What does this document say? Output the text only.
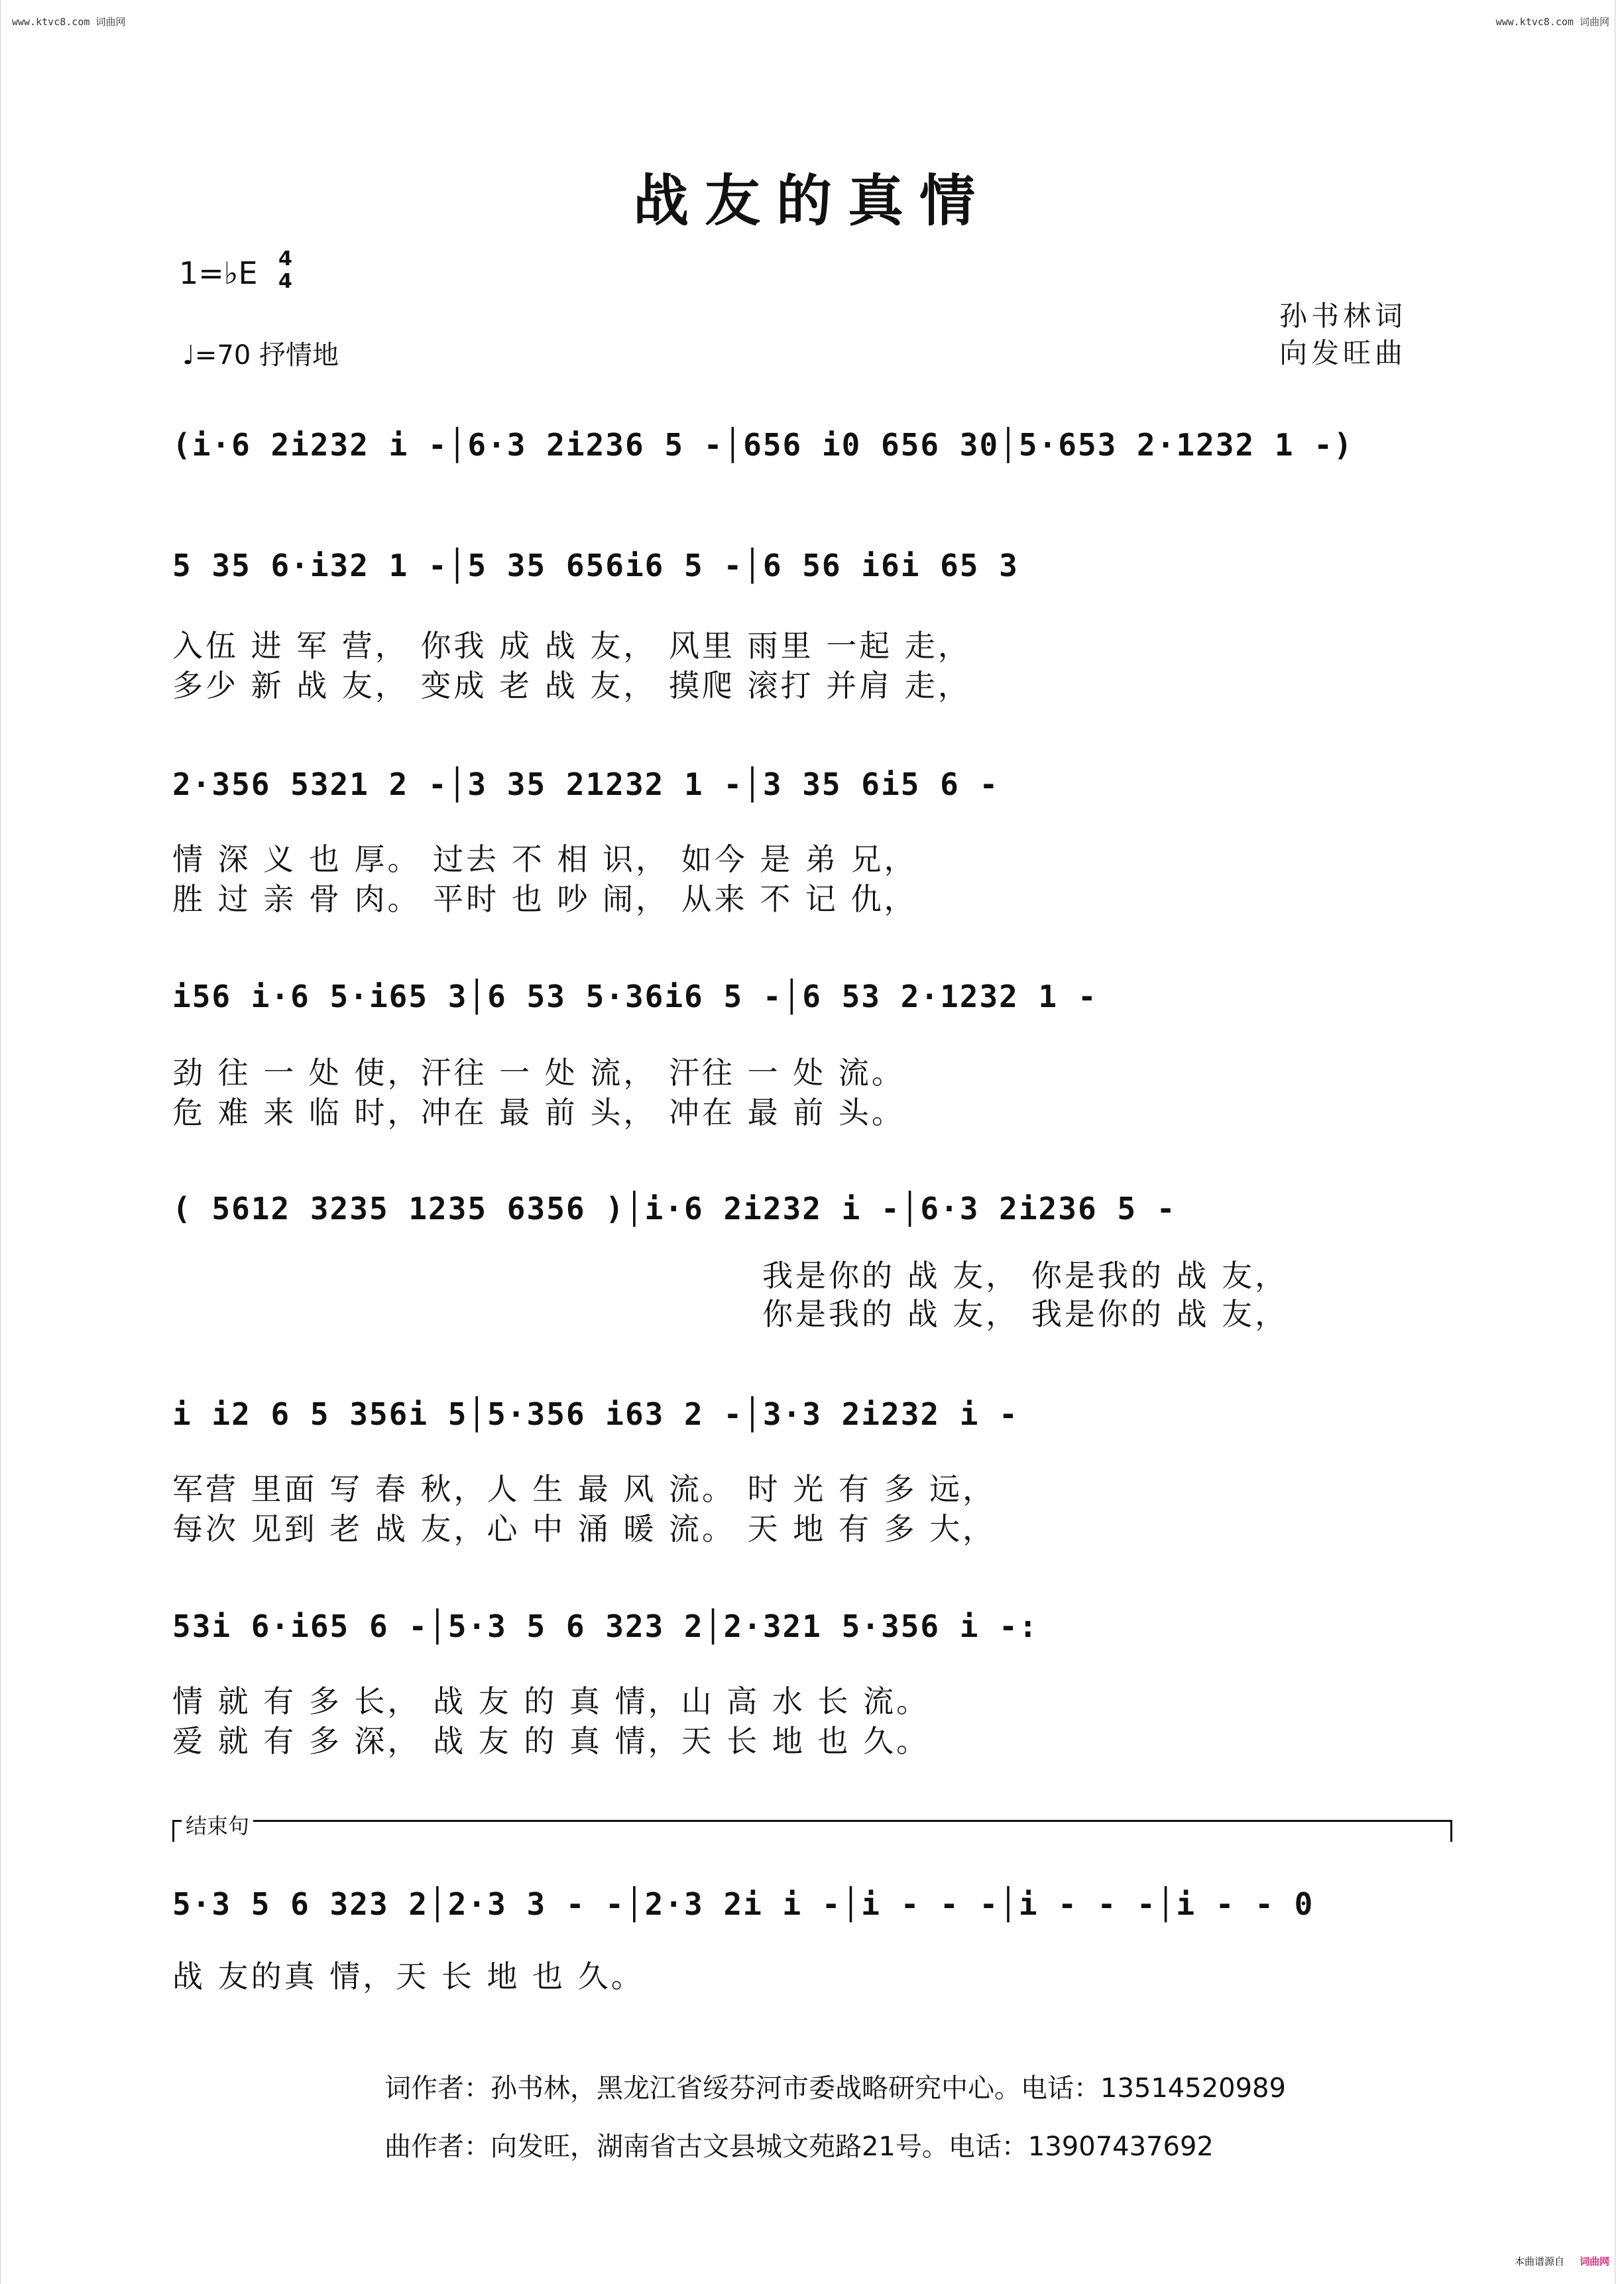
www.ktvc8.com 词曲网	www.ktvc8.com 词曲网
战友的真情
1=♭E 4
4
♩=70 抒情地
孙书林词
向发旺曲
(i·6 2i232 i -│6·3 2i236 5 -│656 i0 656 30│5·653 2·1232 1 -)
5 35 6·i32 1 -│5 35 656i6 5 -│6 56 i6i 65 3
入伍 进 军 营， 你我 成 战 友， 风里 雨里 一起 走，
多少 新 战 友， 变成 老 战 友， 摸爬 滚打 并肩 走，
2·356 5321 2 -│3 35 21232 1 -│3 35 6i5 6 -
情 深 义 也 厚。 过去 不 相 识， 如今 是 弟 兄，
胜 过 亲 骨 肉。 平时 也 吵 闹， 从来 不 记 仇，
i56 i·6 5·i65 3│6 53 5·36i6 5 -│6 53 2·1232 1 -
劲 往 一 处 使，汗往 一 处 流， 汗往 一 处 流。
危 难 来 临 时，冲在 最 前 头， 冲在 最 前 头。
( 5612 3235 1235 6356 )│i·6 2i232 i -│6·3 2i236 5 -
我是你的 战 友， 你是我的 战 友，
你是我的 战 友， 我是你的 战 友，
i i2 6 5 356i 5│5·356 i63 2 -│3·3 2i232 i -
军营 里面 写 春 秋，人 生 最 风 流。 时 光 有 多 远，
每次 见到 老 战 友，心 中 涌 暖 流。 天 地 有 多 大，
53i 6·i65 6 -│5·3 5 6 323 2│2·321 5·356 i -:
情 就 有 多 长， 战 友 的 真 情，山 高 水 长 流。
爱 就 有 多 深， 战 友 的 真 情，天 长 地 也 久。
结束句
5·3 5 6 323 2│2·3 3 - -│2·3 2i i -│i - - -│i - - -│i - - 0
战 友的真 情，天 长 地 也 久。
词作者：孙书林，黑龙江省绥芬河市委战略研究中心。电话：13514520989
曲作者：向发旺，湖南省古文县城文苑路21号。电话：13907437692
本曲谱源自 词曲网
